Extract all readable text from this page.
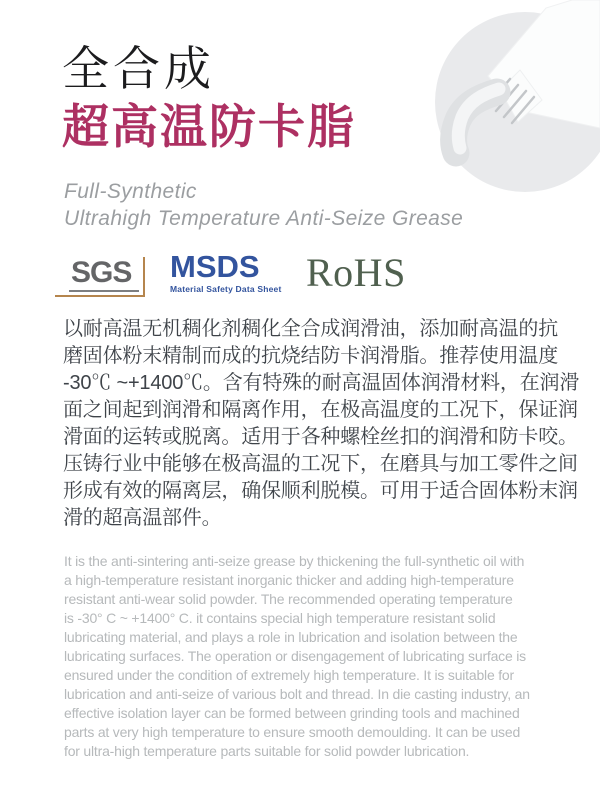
全合成
超高温防卡脂
Full-Synthetic
Ultrahigh Temperature Anti-Seize Grease
SGS MSDS
Material Safety Data Sheet RoHS
以耐高温无机稠化剂稠化全合成润滑油，添加耐高温的抗
磨固体粉末精制而成的抗烧结防卡润滑脂。推荐使用温度
-30℃ ~+1400℃。含有特殊的耐高温固体润滑材料，在润滑
面之间起到润滑和隔离作用，在极高温度的工况下，保证润
滑面的运转或脱离。适用于各种螺栓丝扣的润滑和防卡咬。
压铸行业中能够在极高温的工况下，在磨具与加工零件之间
形成有效的隔离层，确保顺利脱模。可用于适合固体粉末润
滑的超高温部件。
It is the anti-sintering anti-seize grease by thickening the full-synthetic oil with
a high-temperature resistant inorganic thicker and adding high-temperature
resistant anti-wear solid powder. The recommended operating temperature
is -30° C ~ +1400° C. it contains special high temperature resistant solid
lubricating material, and plays a role in lubrication and isolation between the
lubricating surfaces. The operation or disengagement of lubricating surface is
ensured under the condition of extremely high temperature. It is suitable for
lubrication and anti-seize of various bolt and thread. In die casting industry, an
effective isolation layer can be formed between grinding tools and machined
parts at very high temperature to ensure smooth demoulding. It can be used
for ultra-high temperature parts suitable for solid powder lubrication.
